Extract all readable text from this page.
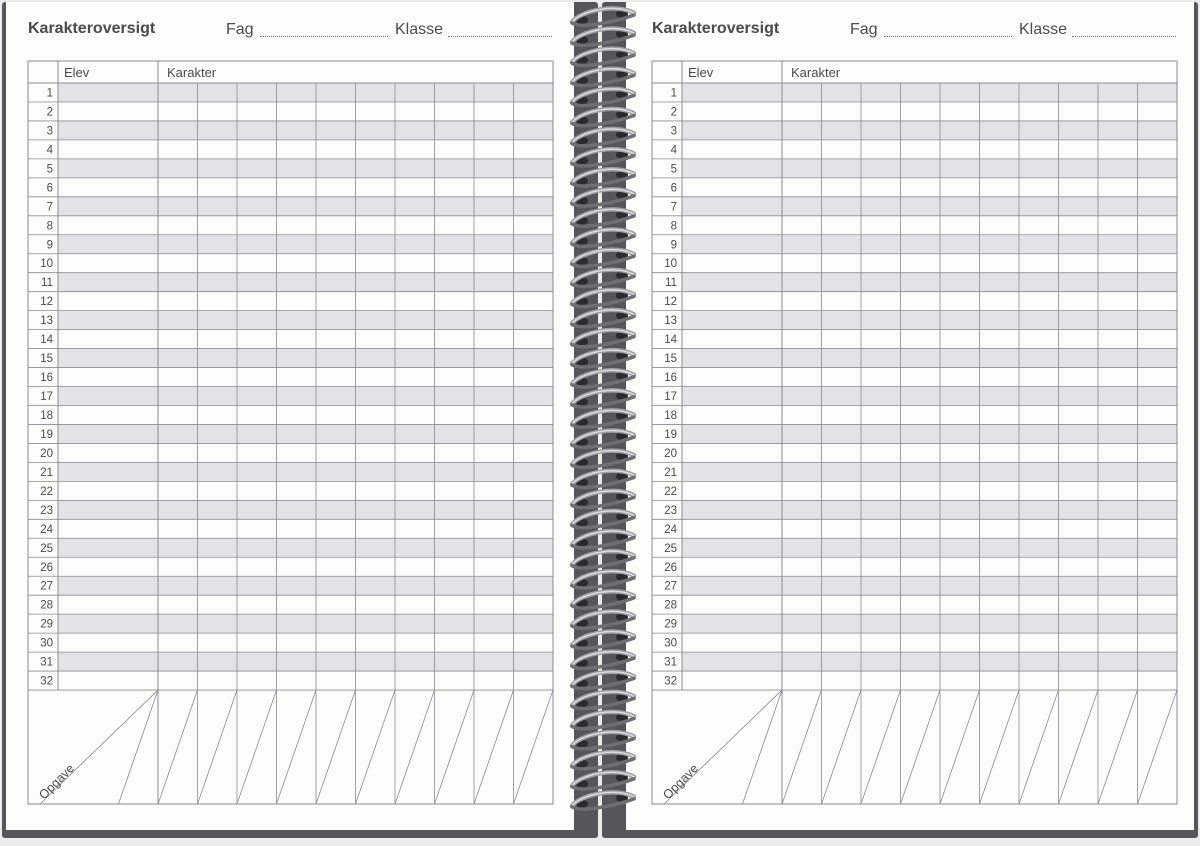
Karakteroversigt	Fag	Klasse
Elev	Karakter
Opgave
1
2
3
4
5
6
7
8
9
10
11
12
13
14
15
16
17
18
19
20
21
22
23
24
25
26
27
28
29
30
31
32
Karakteroversigt	Fag	Klasse
Elev	Karakter
Opgave
1
2
3
4
5
6
7
8
9
10
11
12
13
14
15
16
17
18
19
20
21
22
23
24
25
26
27
28
29
30
31
32
